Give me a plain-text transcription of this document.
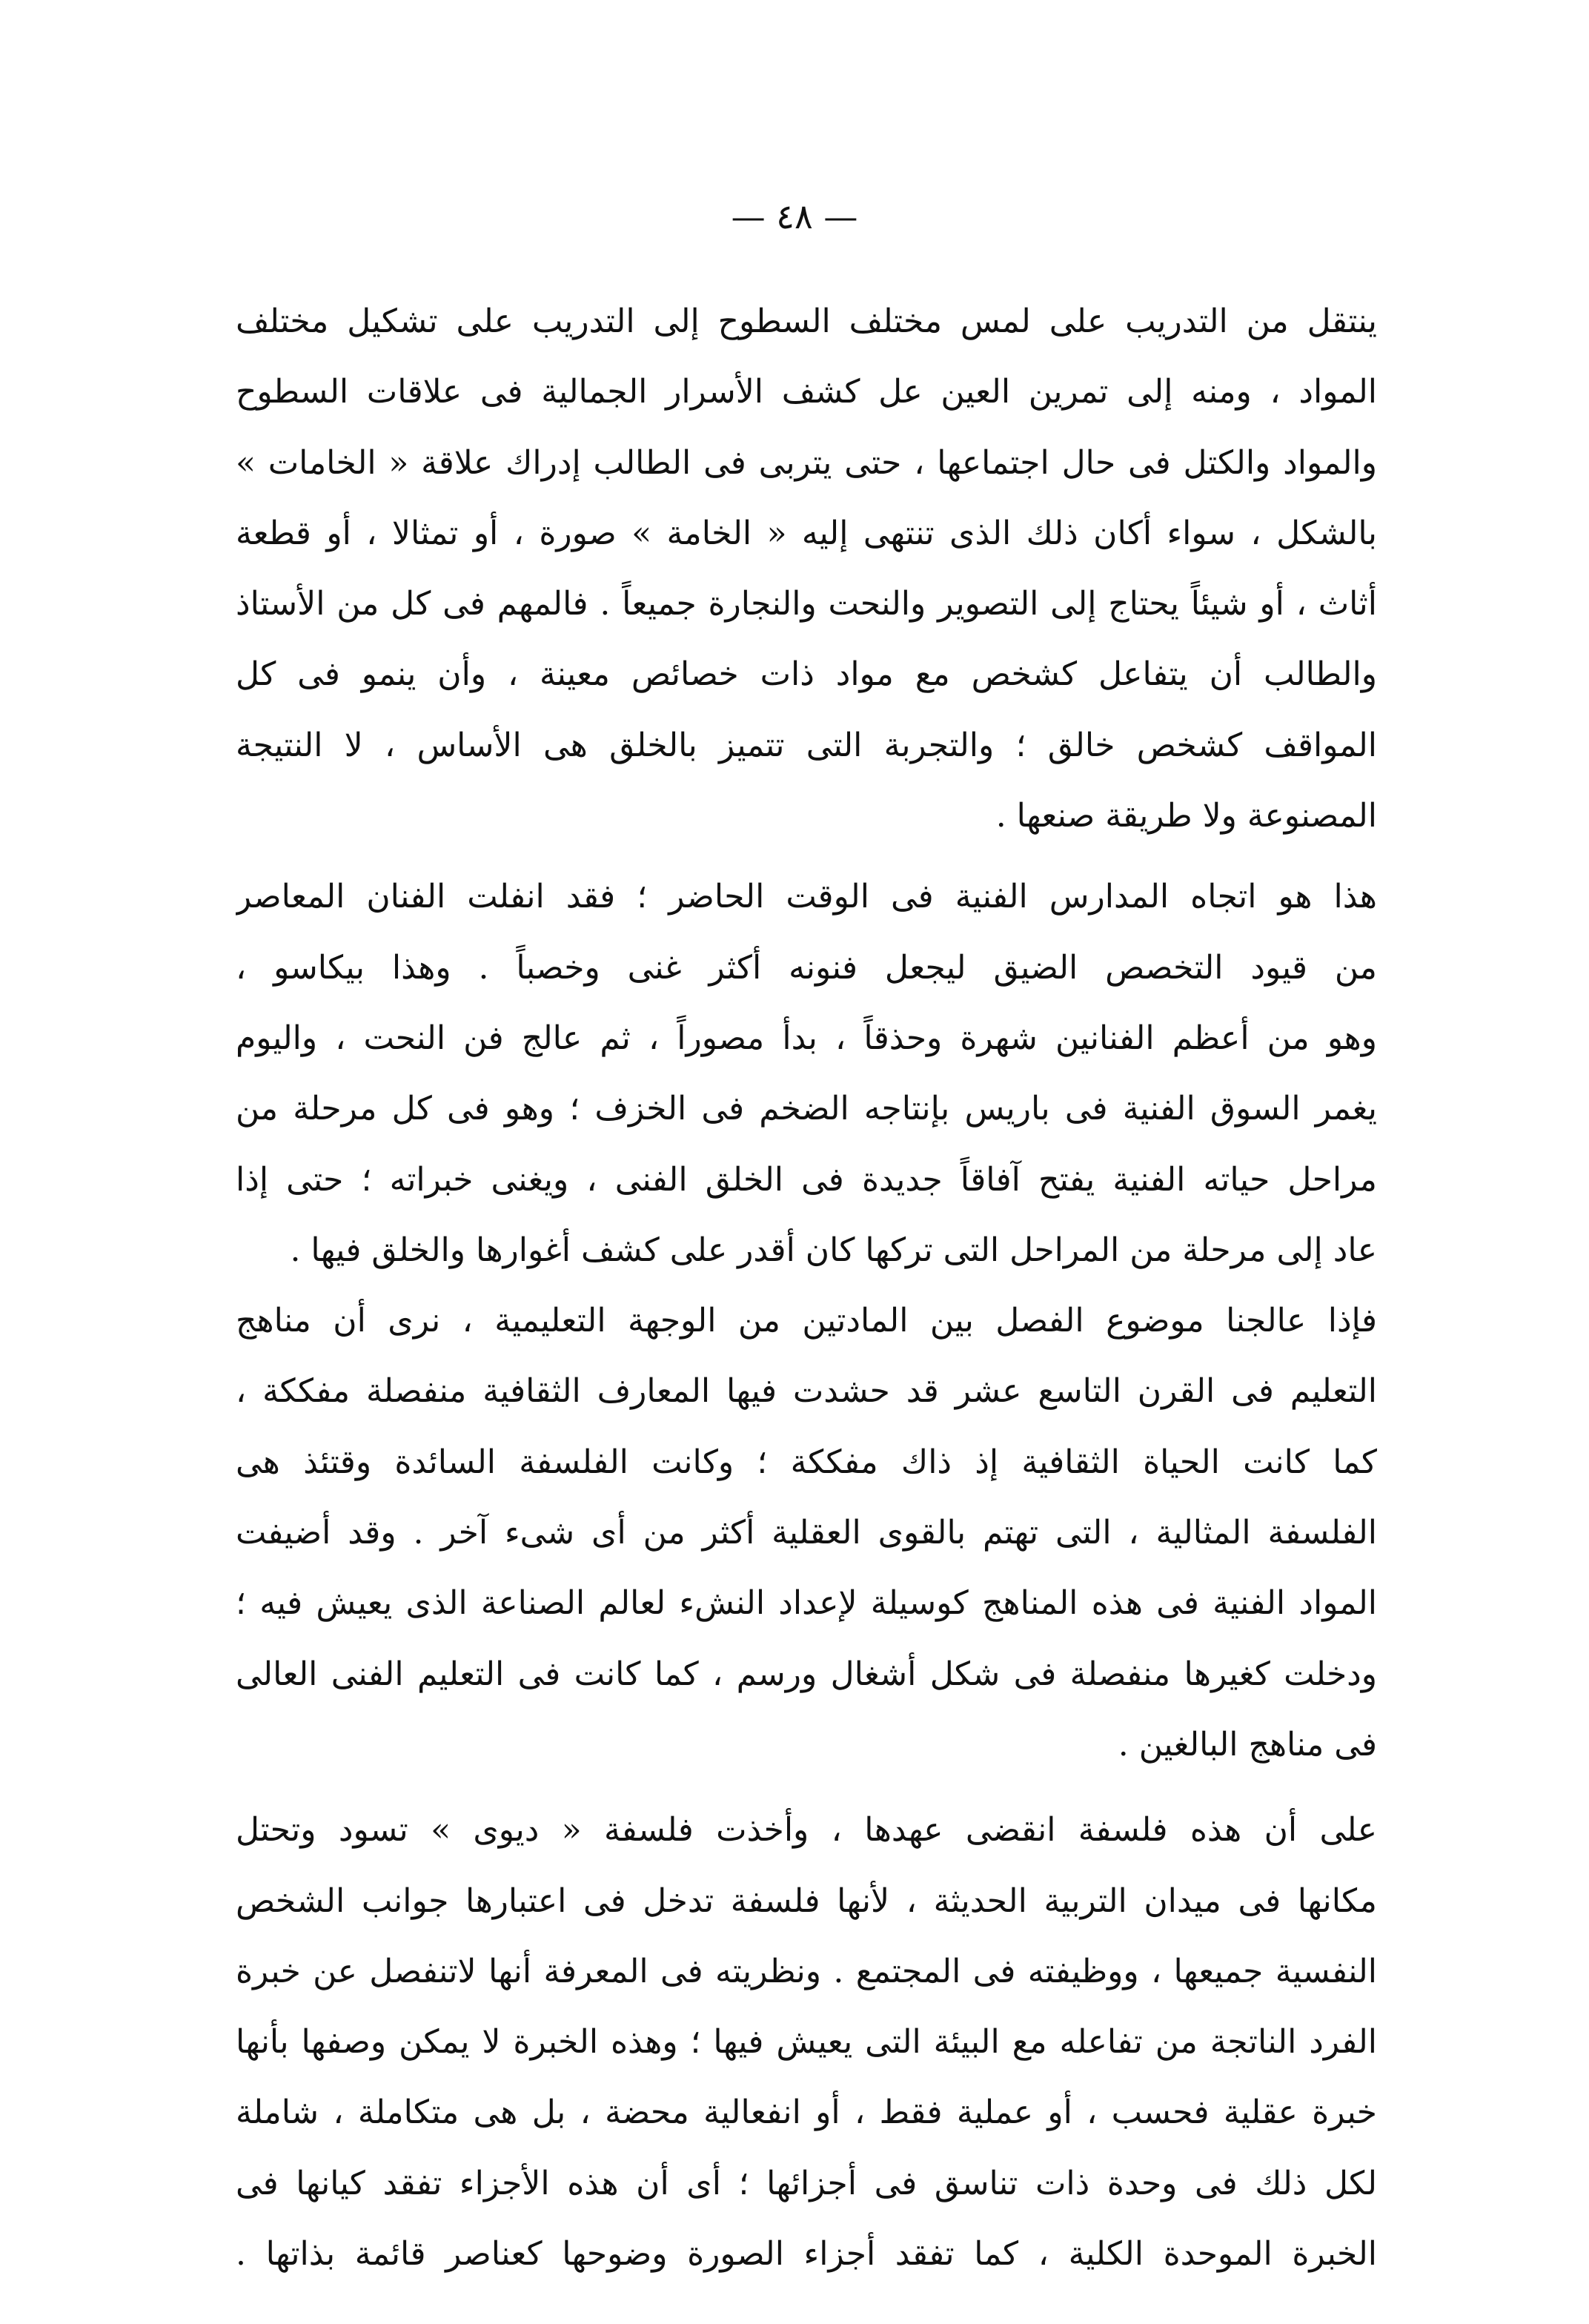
— ٤٨ —
ينتقل من التدريب على لمس مختلف السطوح إلى التدريب على تشكيل مختلف
المواد ، ومنه إلى تمرين العين عل كشف الأسرار الجمالية فى علاقات السطوح
والمواد والكتل فى حال اجتماعها ، حتى يتربى فى الطالب إدراك علاقة « الخامات »
بالشكل ، سواء أكان ذلك الذى تنتهى إليه « الخامة » صورة ، أو تمثالا ، أو قطعة
أثاث ، أو شيئاً يحتاج إلى التصوير والنحت والنجارة جميعاً . فالمهم فى كل من الأستاذ
والطالب أن يتفاعل كشخص مع مواد ذات خصائص معينة ، وأن ينمو فى كل
المواقف كشخص خالق ؛ والتجربة التى تتميز بالخلق هى الأساس ، لا النتيجة
المصنوعة ولا طريقة صنعها .
هذا هو اتجاه المدارس الفنية فى الوقت الحاضر ؛ فقد انفلت الفنان المعاصر
من قيود التخصص الضيق ليجعل فنونه أكثر غنى وخصباً . وهذا بيكاسو ،
وهو من أعظم الفنانين شهرة وحذقاً ، بدأ مصوراً ، ثم عالج فن النحت ، واليوم
يغمر السوق الفنية فى باريس بإنتاجه الضخم فى الخزف ؛ وهو فى كل مرحلة من
مراحل حياته الفنية يفتح آفاقاً جديدة فى الخلق الفنى ، ويغنى خبراته ؛ حتى إذا
عاد إلى مرحلة من المراحل التى تركها كان أقدر على كشف أغوارها والخلق فيها .
فإذا عالجنا موضوع الفصل بين المادتين من الوجهة التعليمية ، نرى أن مناهج
التعليم فى القرن التاسع عشر قد حشدت فيها المعارف الثقافية منفصلة مفككة ،
كما كانت الحياة الثقافية إذ ذاك مفككة ؛ وكانت الفلسفة السائدة وقتئذ هى
الفلسفة المثالية ، التى تهتم بالقوى العقلية أكثر من أى شىء آخر . وقد أضيفت
المواد الفنية فى هذه المناهج كوسيلة لإعداد النشء لعالم الصناعة الذى يعيش فيه ؛
ودخلت كغيرها منفصلة فى شكل أشغال ورسم ، كما كانت فى التعليم الفنى العالى
فى مناهج البالغين .
على أن هذه فلسفة انقضى عهدها ، وأخذت فلسفة « ديوى » تسود وتحتل
مكانها فى ميدان التربية الحديثة ، لأنها فلسفة تدخل فى اعتبارها جوانب الشخص
النفسية جميعها ، ووظيفته فى المجتمع . ونظريته فى المعرفة أنها لاتنفصل عن خبرة
الفرد الناتجة من تفاعله مع البيئة التى يعيش فيها ؛ وهذه الخبرة لا يمكن وصفها بأنها
خبرة عقلية فحسب ، أو عملية فقط ، أو انفعالية محضة ، بل هى متكاملة ، شاملة
لكل ذلك فى وحدة ذات تناسق فى أجزائها ؛ أى أن هذه الأجزاء تفقد كيانها فى
الخبرة الموحدة الكلية ، كما تفقد أجزاء الصورة وضوحها كعناصر قائمة بذاتها .
